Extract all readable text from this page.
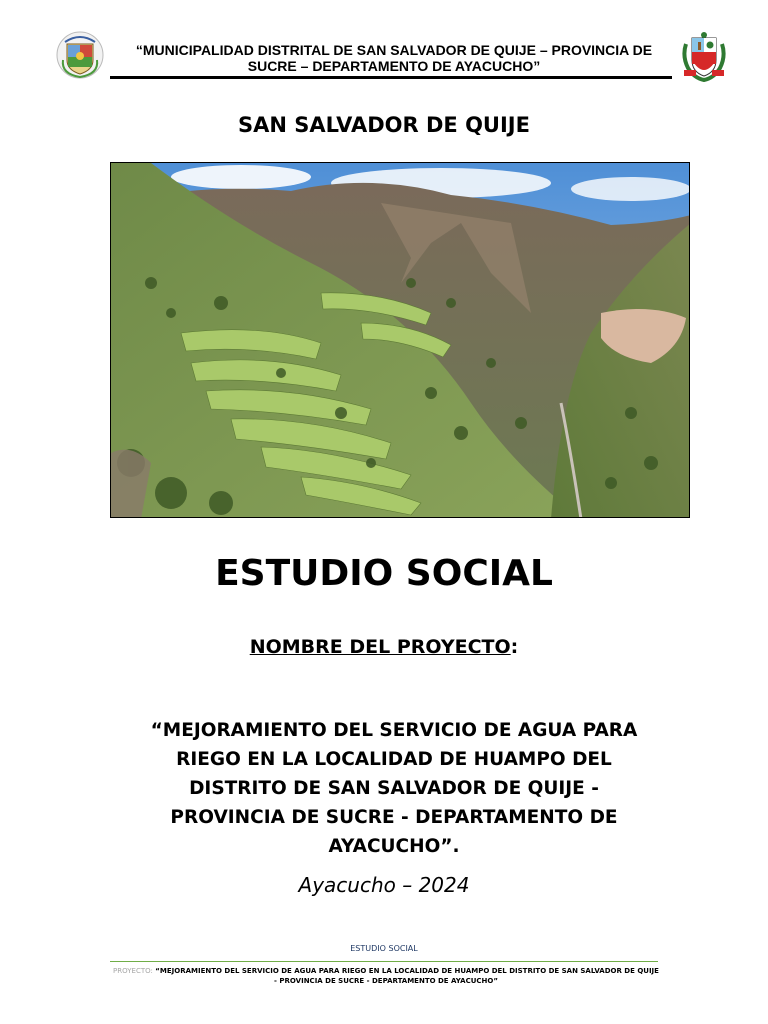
“MUNICIPALIDAD DISTRITAL DE SAN SALVADOR DE QUIJE – PROVINCIA DE SUCRE – DEPARTAMENTO DE AYACUCHO”
SAN SALVADOR DE QUIJE
ESTUDIO SOCIAL
NOMBRE DEL PROYECTO:
“MEJORAMIENTO DEL SERVICIO DE AGUA PARA RIEGO EN LA LOCALIDAD DE HUAMPO DEL DISTRITO DE SAN SALVADOR DE QUIJE - PROVINCIA DE SUCRE - DEPARTAMENTO DE AYACUCHO”.
Ayacucho – 2024
ESTUDIO SOCIAL
PROYECTO: “MEJORAMIENTO DEL SERVICIO DE AGUA PARA RIEGO EN LA LOCALIDAD DE HUAMPO DEL DISTRITO DE SAN SALVADOR DE QUIJE - PROVINCIA DE SUCRE - DEPARTAMENTO DE AYACUCHO”
